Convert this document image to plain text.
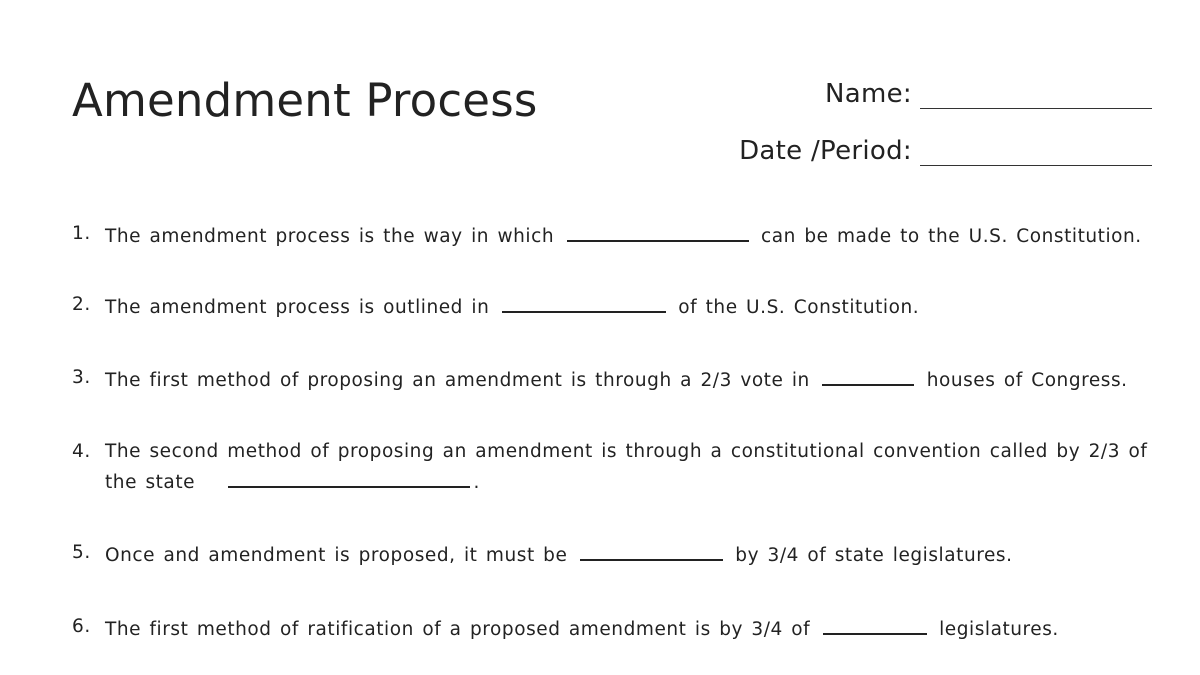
Amendment Process	Name:
Date /Period:
1. The amendment process is the way in which	can be made to the U.S. Constitution.
2. The amendment process is outlined in	of the U.S. Constitution.
3. The first method of proposing an amendment is through a 2/3 vote in	houses of Congress.
4. The second method of proposing an amendment is through a constitutional convention called by 2/3 of the state	.
5. Once and amendment is proposed, it must be	by 3/4 of state legislatures.
6. The first method of ratification of a proposed amendment is by 3/4 of	legislatures.
